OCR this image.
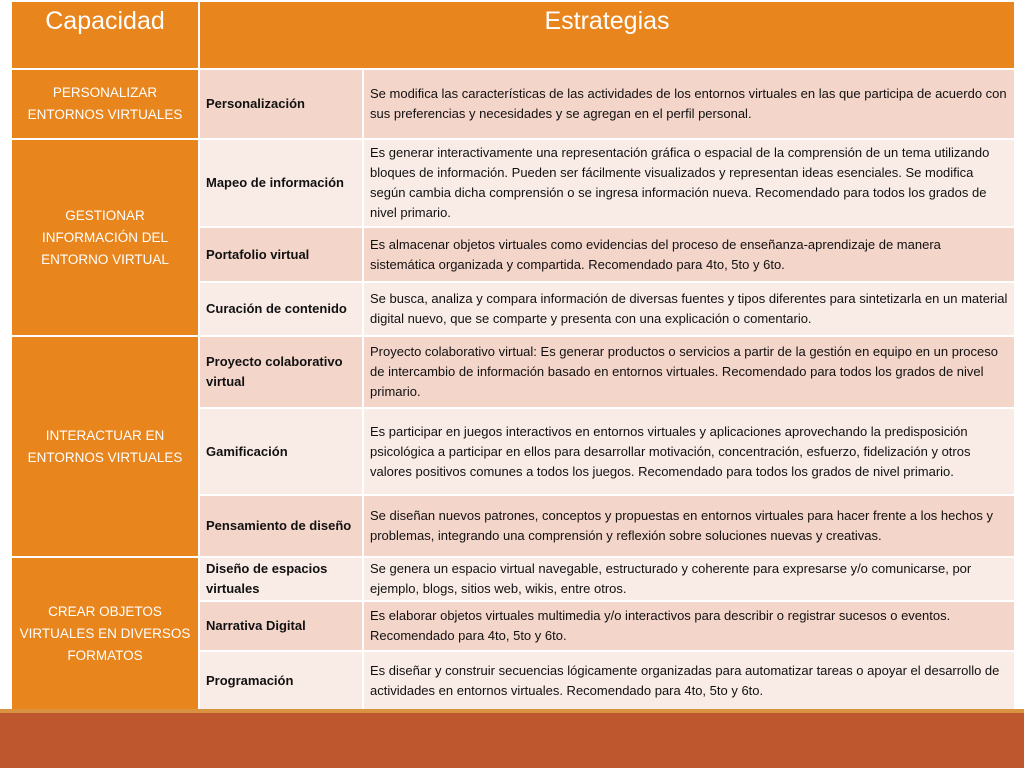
Capacidad	Estrategias	
PERSONALIZAR ENTORNOS VIRTUALES	Personalización	Se modifica las características de las actividades de los entornos virtuales en las que participa de acuerdo con sus preferencias y necesidades y se agregan en el perfil personal.
GESTIONAR INFORMACIÓN DEL ENTORNO VIRTUAL	Mapeo de información	Es generar interactivamente una representación gráfica o espacial de la comprensión de un tema utilizando bloques de información. Pueden ser fácilmente visualizados y representan ideas esenciales. Se modifica según cambia dicha comprensión o se ingresa información nueva. Recomendado para todos los grados de nivel primario.
	Portafolio virtual	Es almacenar objetos virtuales como evidencias del proceso de enseñanza-aprendizaje de manera sistemática organizada y compartida. Recomendado para 4to, 5to y 6to.
	Curación de contenido	Se busca, analiza y compara información de diversas fuentes y tipos diferentes para sintetizarla en un material digital nuevo, que se comparte y presenta con una explicación o comentario.
INTERACTUAR EN ENTORNOS VIRTUALES	Proyecto colaborativo virtual	Proyecto colaborativo virtual: Es generar productos o servicios a partir de la gestión en equipo en un proceso de intercambio de información basado en entornos virtuales. Recomendado para todos los grados de nivel primario.
	Gamificación	Es participar en juegos interactivos en entornos virtuales y aplicaciones aprovechando la predisposición psicológica a participar en ellos para desarrollar motivación, concentración, esfuerzo, fidelización y otros valores positivos comunes a todos los juegos. Recomendado para todos los grados de nivel primario.
	Pensamiento de diseño	Se diseñan nuevos patrones, conceptos y propuestas en entornos virtuales para hacer frente a los hechos y problemas, integrando una comprensión y reflexión sobre soluciones nuevas y creativas.
CREAR OBJETOS VIRTUALES EN DIVERSOS FORMATOS	Diseño de espacios virtuales	Se genera un espacio virtual navegable, estructurado y coherente para expresarse y/o comunicarse, por ejemplo, blogs, sitios web, wikis, entre otros.
	Narrativa Digital	Es elaborar objetos virtuales multimedia y/o interactivos para describir o registrar sucesos o eventos. Recomendado para 4to, 5to y 6to.
	Programación	Es diseñar y construir secuencias lógicamente organizadas para automatizar tareas o apoyar el desarrollo de actividades en entornos virtuales. Recomendado para 4to, 5to y 6to.
